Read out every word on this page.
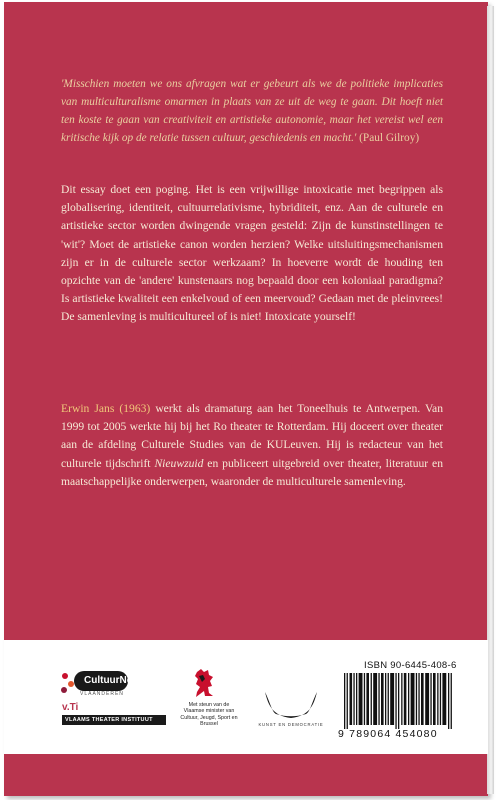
'Misschien moeten we ons afvragen wat er gebeurt als we de politieke implicaties van multiculturalisme omarmen in plaats van ze uit de weg te gaan. Dit hoeft niet ten koste te gaan van creativiteit en artistieke autonomie, maar het vereist wel een kritische kijk op de relatie tussen cultuur, geschiedenis en macht.' (Paul Gilroy)
Dit essay doet een poging. Het is een vrijwillige intoxicatie met begrippen als globalisering, identiteit, cultuurrelativisme, hybriditeit, enz. Aan de culturele en artistieke sector worden dwingende vragen gesteld: Zijn de kunstinstellingen te 'wit'? Moet de artistieke canon worden herzien? Welke uitsluitingsmechanismen zijn er in de culturele sector werkzaam? In hoeverre wordt de houding ten opzichte van de 'andere' kunstenaars nog bepaald door een koloniaal paradigma? Is artistieke kwaliteit een enkelvoud of een meervoud? Gedaan met de pleinvrees! De samenleving is multicultureel of is niet! Intoxicate yourself!
Erwin Jans (1963) werkt als dramaturg aan het Toneelhuis te Antwerpen. Van 1999 tot 2005 werkte hij bij het Ro theater te Rotterdam. Hij doceert over theater aan de afdeling Culturele Studies van de KULeuven. Hij is redacteur van het culturele tijdschrift Nieuwzuid en publiceert uitgebreid over theater, literatuur en maatschappelijke onderwerpen, waaronder de multiculturele samenleving.
CultuurNet
VLAANDEREN
v.Ti
VLAAMS THEATER INSTITUUT
Met steun van de Vlaamse minister van Cultuur, Jeugd, Sport en Brussel	KUNST EN DEMOCRATIE
ISBN 90-6445-408-6
9 789064 454080
